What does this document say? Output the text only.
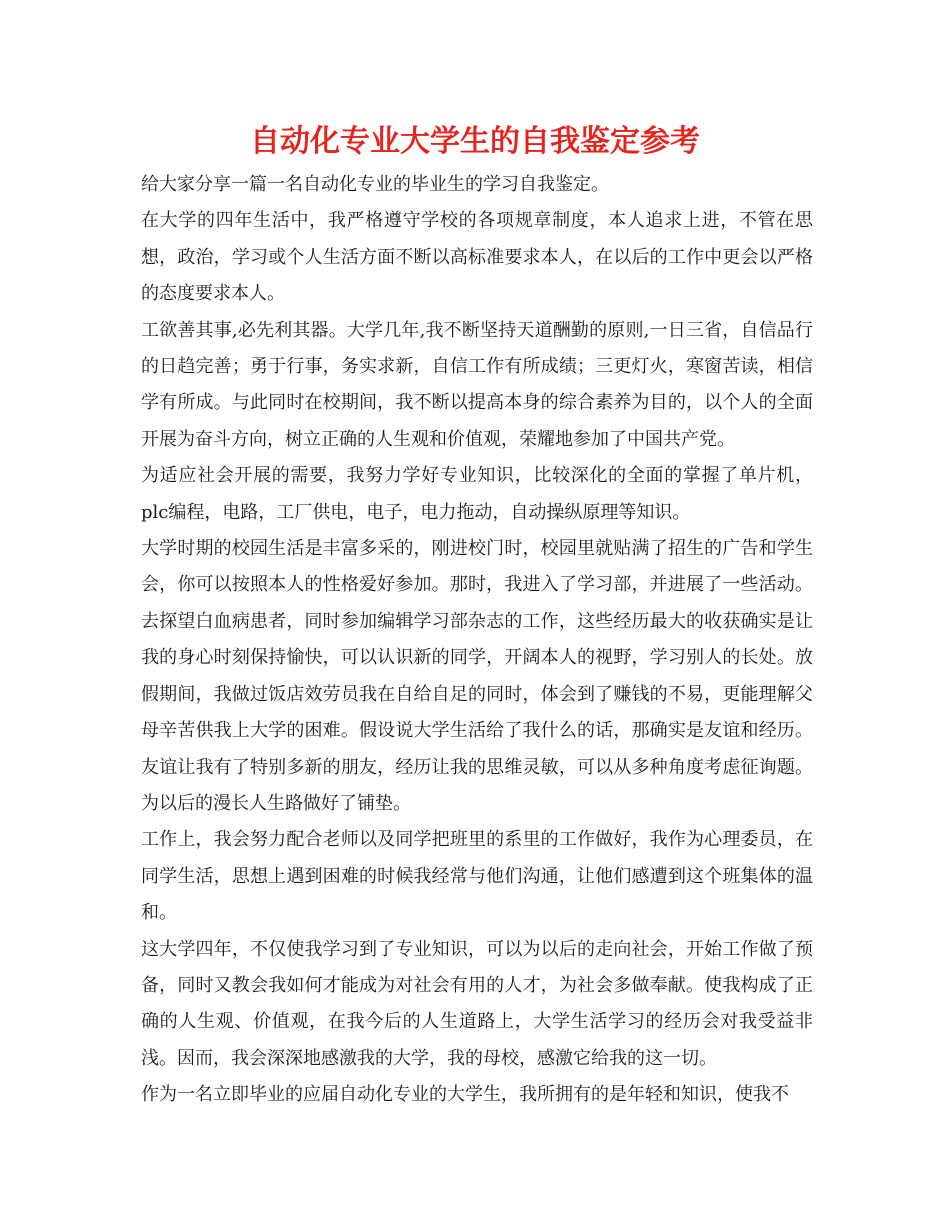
自动化专业大学生的自我鉴定参考

给大家分享一篇一名自动化专业的毕业生的学习自我鉴定。

在大学的四年生活中，我严格遵守学校的各项规章制度，本人追求上进，不管在思想，政治，学习或个人生活方面不断以高标准要求本人，在以后的工作中更会以严格的态度要求本人。

工欲善其事,必先利其器。大学几年,我不断坚持天道酬勤的原则,一日三省，自信品行的日趋完善；勇于行事，务实求新，自信工作有所成绩；三更灯火，寒窗苦读，相信学有所成。与此同时在校期间，我不断以提高本身的综合素养为目的，以个人的全面开展为奋斗方向，树立正确的人生观和价值观，荣耀地参加了中国共产党。

为适应社会开展的需要，我努力学好专业知识，比较深化的全面的掌握了单片机，plc编程，电路，工厂供电，电子，电力拖动，自动操纵原理等知识。

大学时期的校园生活是丰富多采的，刚进校门时，校园里就贴满了招生的广告和学生会，你可以按照本人的性格爱好参加。那时，我进入了学习部，并进展了一些活动。去探望白血病患者，同时参加编辑学习部杂志的工作，这些经历最大的收获确实是让我的身心时刻保持愉快，可以认识新的同学，开阔本人的视野，学习别人的长处。放假期间，我做过饭店效劳员我在自给自足的同时，体会到了赚钱的不易，更能理解父母辛苦供我上大学的困难。假设说大学生活给了我什么的话，那确实是友谊和经历。友谊让我有了特别多新的朋友，经历让我的思维灵敏，可以从多种角度考虑征询题。为以后的漫长人生路做好了铺垫。

工作上，我会努力配合老师以及同学把班里的系里的工作做好，我作为心理委员，在同学生活，思想上遇到困难的时候我经常与他们沟通，让他们感遭到这个班集体的温和。

这大学四年，不仅使我学习到了专业知识，可以为以后的走向社会，开始工作做了预备，同时又教会我如何才能成为对社会有用的人才，为社会多做奉献。使我构成了正确的人生观、价值观，在我今后的人生道路上，大学生活学习的经历会对我受益非浅。因而，我会深深地感激我的大学，我的母校，感激它给我的这一切。

作为一名立即毕业的应届自动化专业的大学生，我所拥有的是年轻和知识，使我不
